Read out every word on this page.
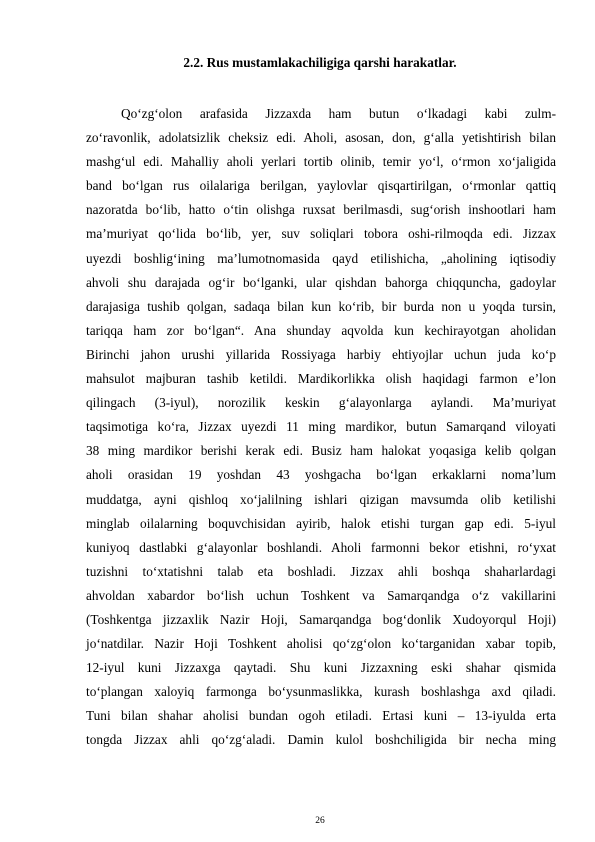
2.2. Rus mustamlakachiligiga qarshi harakatlar.
Qo‘zg‘olon arafasida Jizzaxda ham butun o‘lkadagi kabi zulm-
zo‘ravonlik, adolatsizlik cheksiz edi. Aholi, asosan, don, g‘alla yetishtirish bilan
mashg‘ul edi. Mahalliy aholi yerlari tortib olinib, temir yo‘l, o‘rmon xo‘jaligida
band bo‘lgan rus oilalariga berilgan, yaylovlar qisqartirilgan, o‘rmonlar qattiq
nazoratda bo‘lib, hatto o‘tin olishga ruxsat berilmasdi, sug‘orish inshootlari ham
ma’muriyat qo‘lida bo‘lib, yer, suv soliqlari tobora oshi-rilmoqda edi. Jizzax
uyezdi boshlig‘ining ma’lumotnomasida qayd etilishicha, „aholining iqtisodiy
ahvoli shu darajada og‘ir bo‘lganki, ular qishdan bahorga chiqquncha, gadoylar
darajasiga tushib qolgan, sadaqa bilan kun ko‘rib, bir burda non u yoqda tursin,
tariqqa ham zor bo‘lgan“. Ana shunday aqvolda kun kechirayotgan aholidan
Birinchi jahon urushi yillarida Rossiyaga harbiy ehtiyojlar uchun juda ko‘p
mahsulot majburan tashib ketildi. Mardikorlikka olish haqidagi farmon e’lon
qilingach (3-iyul), norozilik keskin g‘alayonlarga aylandi. Ma’muriyat
taqsimotiga ko‘ra, Jizzax uyezdi 11 ming mardikor, butun Samarqand viloyati
38 ming mardikor berishi kerak edi. Busiz ham halokat yoqasiga kelib qolgan
aholi orasidan 19 yoshdan 43 yoshgacha bo‘lgan erkaklarni noma’lum
muddatga, ayni qishloq xo‘jalilning ishlari qizigan mavsumda olib ketilishi
minglab oilalarning boquvchisidan ayirib, halok etishi turgan gap edi. 5-iyul
kuniyoq dastlabki g‘alayonlar boshlandi. Aholi farmonni bekor etishni, ro‘yxat
tuzishni to‘xtatishni talab eta boshladi. Jizzax ahli boshqa shaharlardagi
ahvoldan xabardor bo‘lish uchun Toshkent va Samarqandga o‘z vakillarini
(Toshkentga jizzaxlik Nazir Hoji, Samarqandga bog‘donlik Xudoyorqul Hoji)
jo‘natdilar. Nazir Hoji Toshkent aholisi qo‘zg‘olon ko‘targanidan xabar topib,
12-iyul kuni Jizzaxga qaytadi. Shu kuni Jizzaxning eski shahar qismida
to‘plangan xaloyiq farmonga bo‘ysunmaslikka, kurash boshlashga axd qiladi.
Tuni bilan shahar aholisi bundan ogoh etiladi. Ertasi kuni – 13-iyulda erta
tongda Jizzax ahli qo‘zg‘aladi. Damin kulol boshchiligida bir necha ming
26
